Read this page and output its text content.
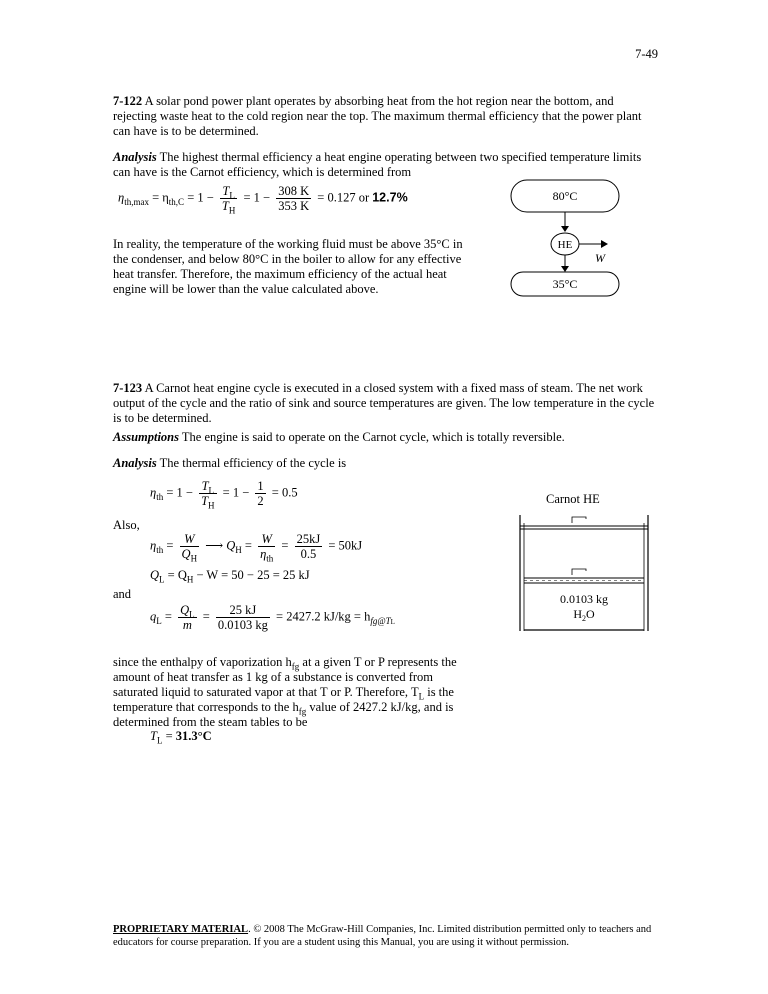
7-49

7-122 A solar pond power plant operates by absorbing heat from the hot region near the bottom, and rejecting waste heat to the cold region near the top. The maximum thermal efficiency that the power plant can have is to be determined.

Analysis The highest thermal efficiency a heat engine operating between two specified temperature limits can have is the Carnot efficiency, which is determined from

$\eta_{th,max} = \eta_{th,C} = 1 - \frac{T_L}{T_H} = 1 - \frac{308 K}{353 K} = 0.127$ or 12.7%

In reality, the temperature of the working fluid must be above 35°C in the condenser, and below 80°C in the boiler to allow for any effective heat transfer. Therefore, the maximum efficiency of the actual heat engine will be lower than the value calculated above.

80°C
HE
W
35°C

7-123 A Carnot heat engine cycle is executed in a closed system with a fixed mass of steam. The net work output of the cycle and the ratio of sink and source temperatures are given. The low temperature in the cycle is to be determined.

Assumptions The engine is said to operate on the Carnot cycle, which is totally reversible.

Analysis The thermal efficiency of the cycle is

$\eta_{th} = 1 - \frac{T_L}{T_H} = 1 - \frac{1}{2} = 0.5$
Also,
$\eta_{th} = \frac{W}{Q_H}$ ⟶ $Q_H = \frac{W}{\eta_{th}} = \frac{25kJ}{0.5} = 50kJ$
$Q_L = Q_H - W = 50 - 25 = 25$ kJ
and
$q_L = \frac{Q_L}{m} = \frac{25 kJ}{0.0103 kg} = 2427.2$ $kJ/kg = h_{fg@TL}$

since the enthalpy of vaporization $h_{fg}$ at a given T or P represents the amount of heat transfer as 1 kg of a substance is converted from saturated liquid to saturated vapor at that T or P. Therefore, $T_L$ is the temperature that corresponds to the $h_{fg}$ value of 2427.2 kJ/kg, and is determined from the steam tables to be

$T_L = 31.3^\circ C$
Carnot HE
0.0103 kg
$H_2O$

PROPRIETARY MATERIAL. © 2008 The McGraw-Hill Companies, Inc. Limited distribution permitted only to teachers and educators for course preparation. If you are a student using this Manual, you are using it without permission.
